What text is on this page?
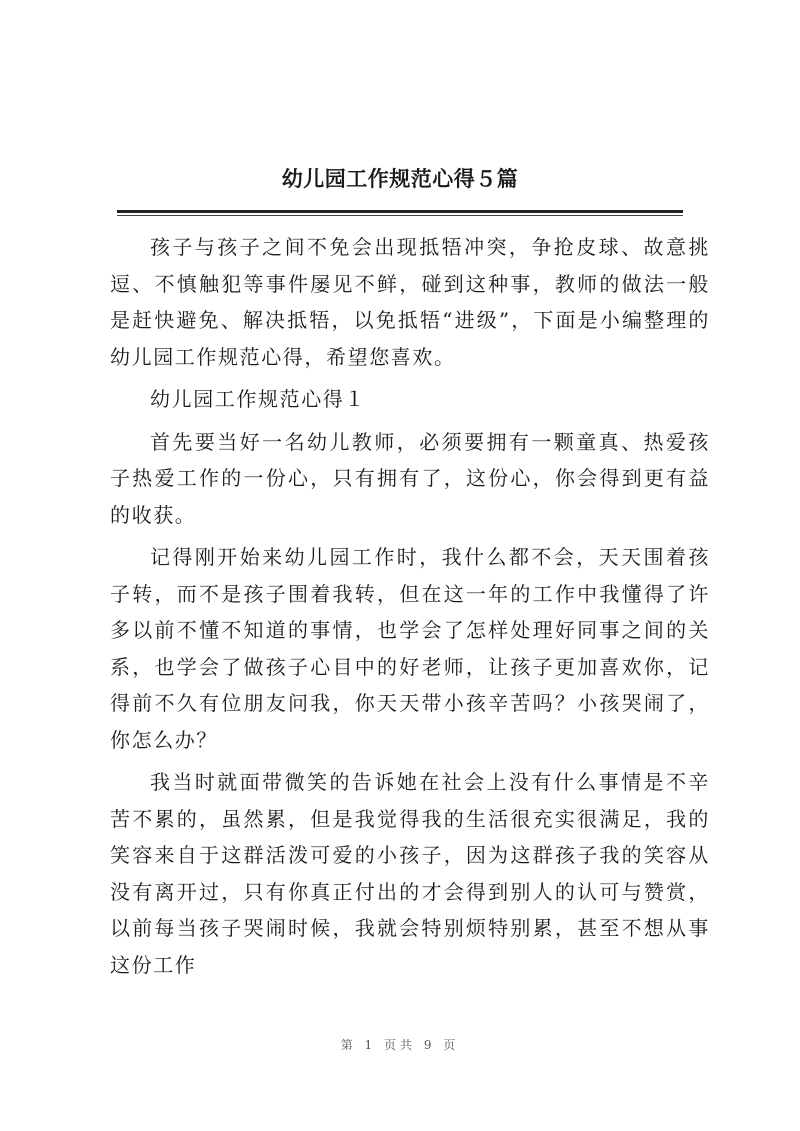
幼儿园工作规范心得５篇

孩子与孩子之间不免会出现抵牾冲突，争抢皮球、故意挑逗、不慎触犯等事件屡见不鲜，碰到这种事，教师的做法一般是赶快避免、解决抵牾，以免抵牾“进级”，下面是小编整理的幼儿园工作规范心得，希望您喜欢。

幼儿园工作规范心得１

首先要当好一名幼儿教师，必须要拥有一颗童真、热爱孩子热爱工作的一份心，只有拥有了，这份心，你会得到更有益的收获。

记得刚开始来幼儿园工作时，我什么都不会，天天围着孩子转，而不是孩子围着我转，但在这一年的工作中我懂得了许多以前不懂不知道的事情，也学会了怎样处理好同事之间的关系，也学会了做孩子心目中的好老师，让孩子更加喜欢你，记得前不久有位朋友问我，你天天带小孩辛苦吗？小孩哭闹了，你怎么办？

我当时就面带微笑的告诉她在社会上没有什么事情是不辛苦不累的，虽然累，但是我觉得我的生活很充实很满足，我的笑容来自于这群活泼可爱的小孩子，因为这群孩子我的笑容从没有离开过，只有你真正付出的才会得到别人的认可与赞赏，以前每当孩子哭闹时候，我就会特别烦特别累，甚至不想从事这份工作

第 1 页共 9 页
